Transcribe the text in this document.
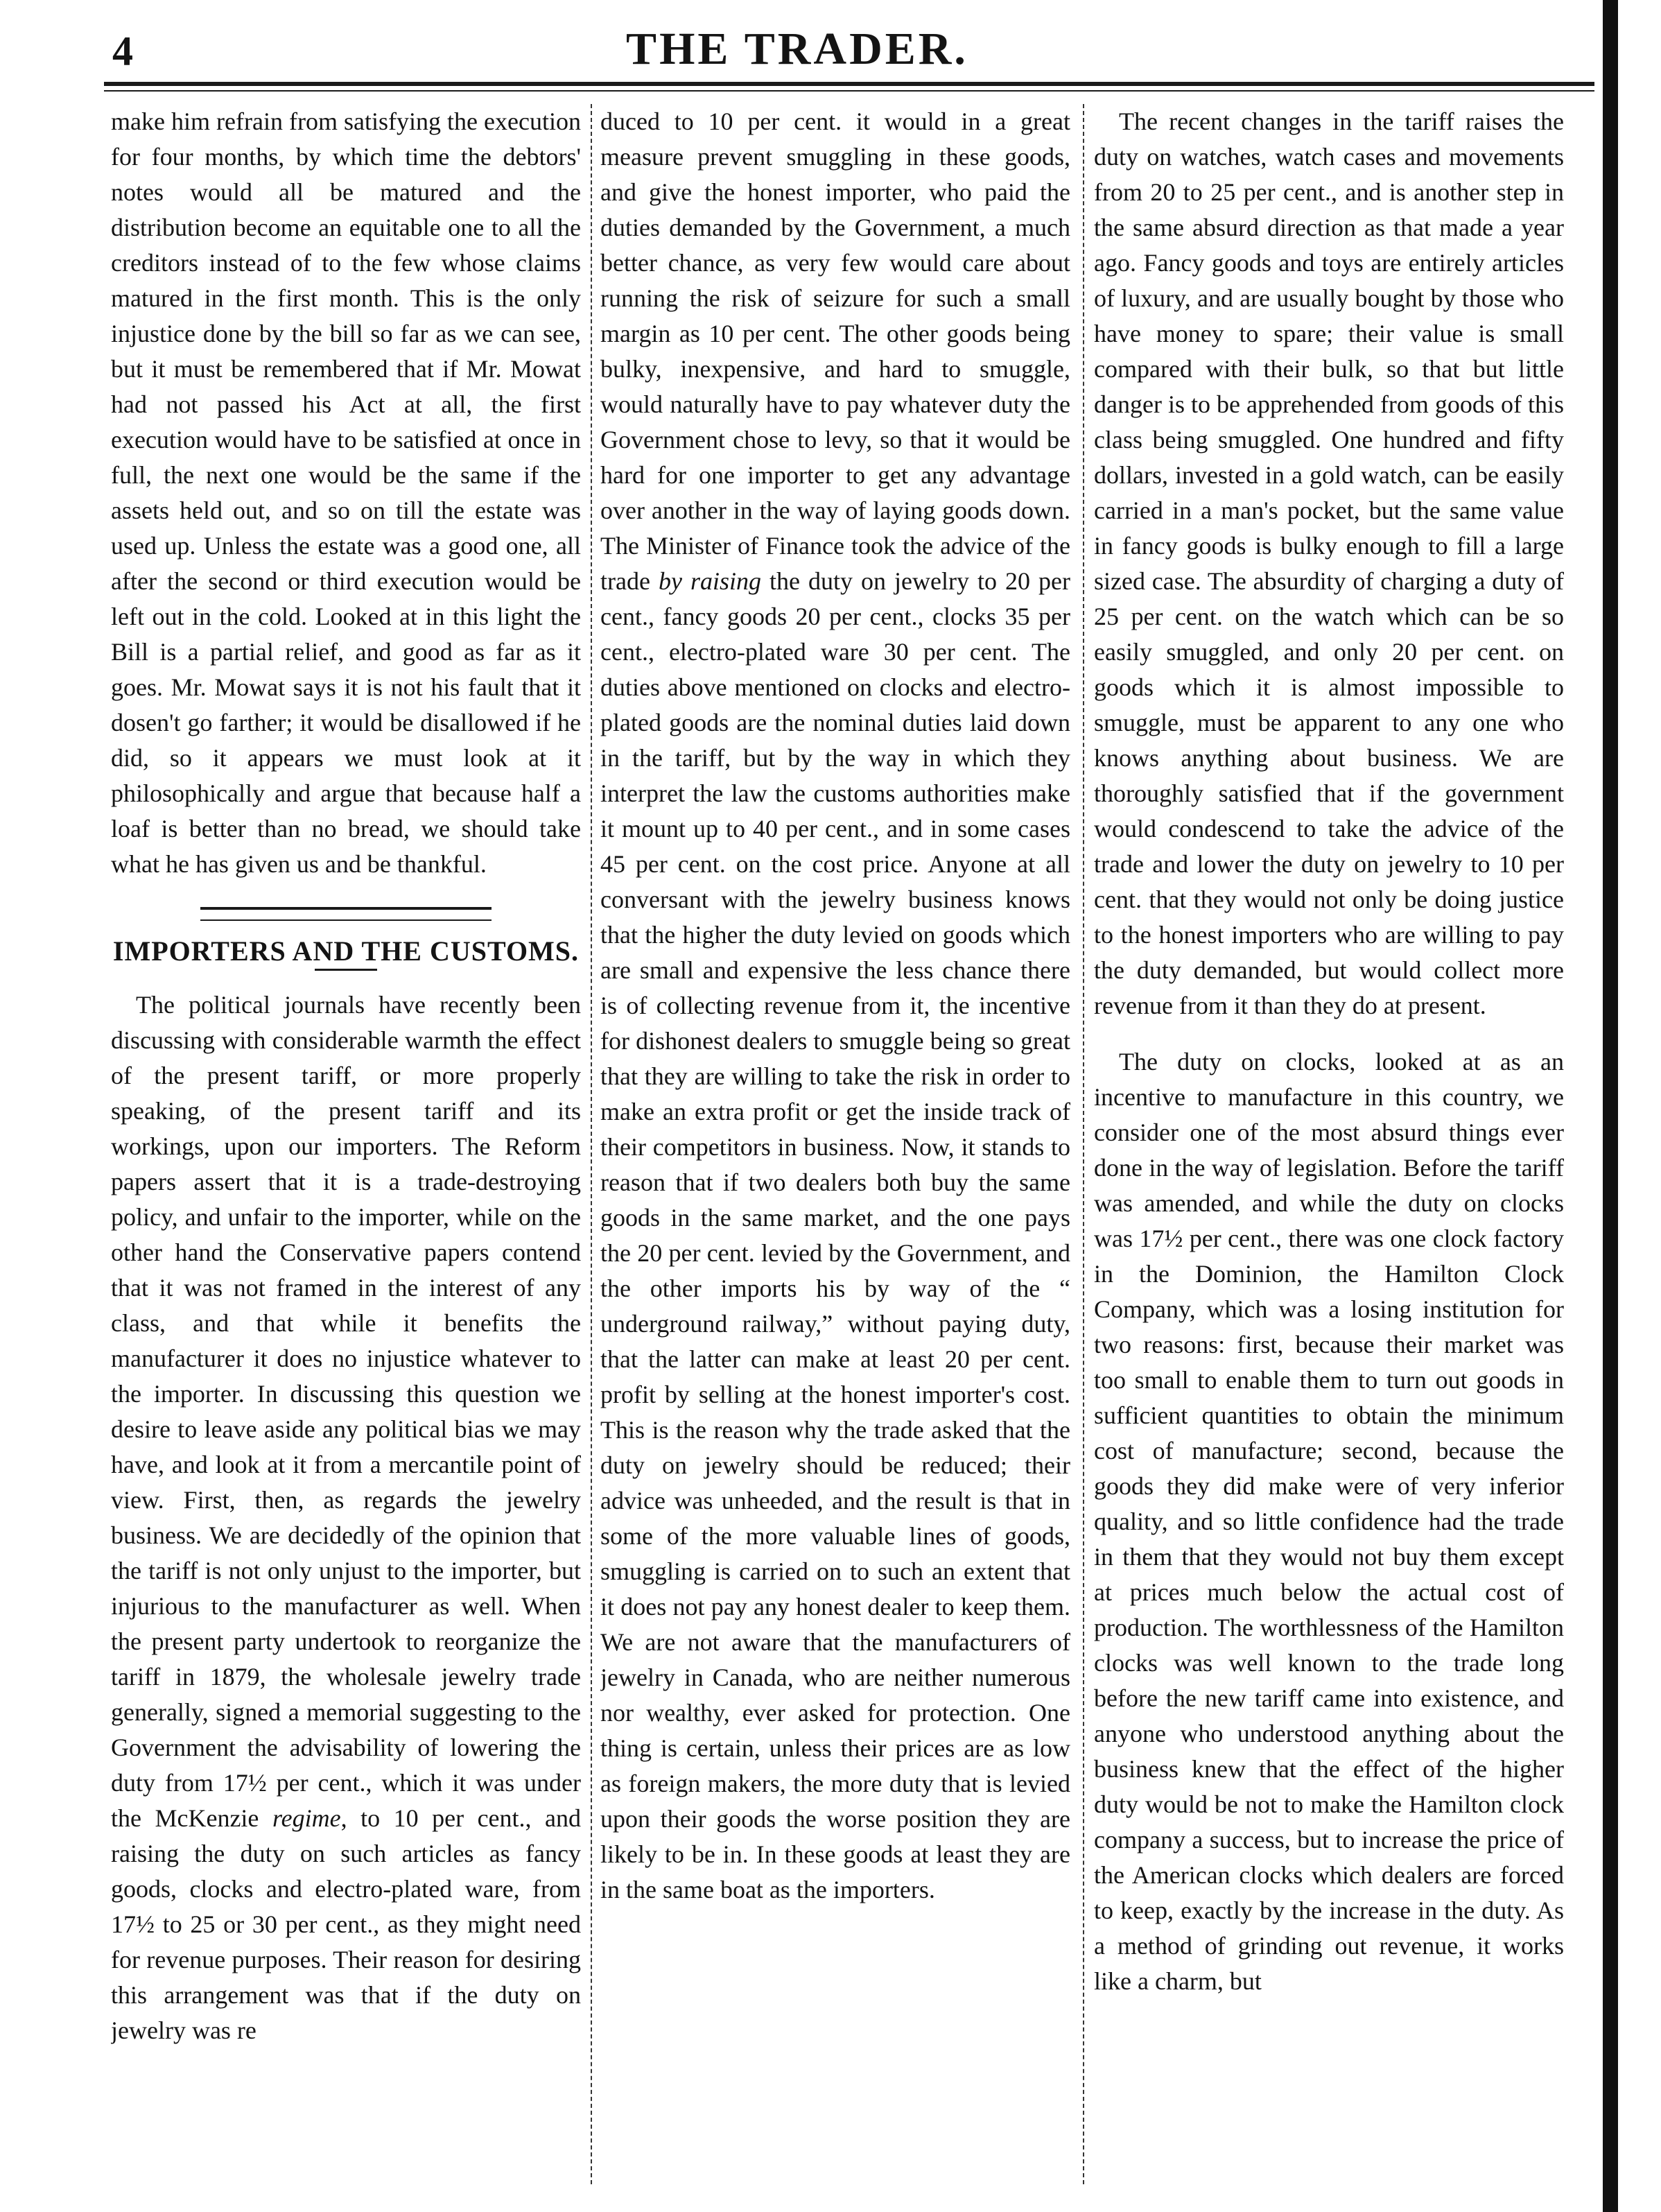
4	THE TRADER.

make him refrain from satisfying the execution for four months, by which time the debtors' notes would all be matured and the distribution become an equitable one to all the creditors instead of to the few whose claims matured in the first month. This is the only injustice done by the bill so far as we can see, but it must be remembered that if Mr. Mowat had not passed his Act at all, the first execution would have to be satisfied at once in full, the next one would be the same if the assets held out, and so on till the estate was used up. Unless the estate was a good one, all after the second or third execution would be left out in the cold. Looked at in this light the Bill is a partial relief, and good as far as it goes. Mr. Mowat says it is not his fault that it dosen't go farther; it would be disallowed if he did, so it appears we must look at it philosophically and argue that because half a loaf is better than no bread, we should take what he has given us and be thankful.

IMPORTERS AND THE CUSTOMS.

The political journals have recently been discussing with considerable warmth the effect of the present tariff, or more properly speaking, of the present tariff and its workings, upon our importers. The Reform papers assert that it is a trade-destroying policy, and unfair to the importer, while on the other hand the Conservative papers contend that it was not framed in the interest of any class, and that while it benefits the manufacturer it does no injustice whatever to the importer. In discussing this question we desire to leave aside any political bias we may have, and look at it from a mercantile point of view. First, then, as regards the jewelry business. We are decidedly of the opinion that the tariff is not only unjust to the importer, but injurious to the manufacturer as well. When the present party undertook to reorganize the tariff in 1879, the wholesale jewelry trade generally, signed a memorial suggesting to the Government the advisability of lowering the duty from 17½ per cent., which it was under the McKenzie regime, to 10 per cent., and raising the duty on such articles as fancy goods, clocks and electro-plated ware, from 17½ to 25 or 30 per cent., as they might need for revenue purposes. Their reason for desiring this arrangement was that if the duty on jewelry was re

duced to 10 per cent. it would in a great measure prevent smuggling in these goods, and give the honest importer, who paid the duties demanded by the Government, a much better chance, as very few would care about running the risk of seizure for such a small margin as 10 per cent. The other goods being bulky, inexpensive, and hard to smuggle, would naturally have to pay whatever duty the Government chose to levy, so that it would be hard for one importer to get any advantage over another in the way of laying goods down. The Minister of Finance took the advice of the trade by raising the duty on jewelry to 20 per cent., fancy goods 20 per cent., clocks 35 per cent., electro-plated ware 30 per cent. The duties above mentioned on clocks and electro-plated goods are the nominal duties laid down in the tariff, but by the way in which they interpret the law the customs authorities make it mount up to 40 per cent., and in some cases 45 per cent. on the cost price. Anyone at all conversant with the jewelry business knows that the higher the duty levied on goods which are small and expensive the less chance there is of collecting revenue from it, the incentive for dishonest dealers to smuggle being so great that they are willing to take the risk in order to make an extra profit or get the inside track of their competitors in business. Now, it stands to reason that if two dealers both buy the same goods in the same market, and the one pays the 20 per cent. levied by the Government, and the other imports his by way of the “ underground railway,” without paying duty, that the latter can make at least 20 per cent. profit by selling at the honest importer's cost. This is the reason why the trade asked that the duty on jewelry should be reduced; their advice was unheeded, and the result is that in some of the more valuable lines of goods, smuggling is carried on to such an extent that it does not pay any honest dealer to keep them. We are not aware that the manufacturers of jewelry in Canada, who are neither numerous nor wealthy, ever asked for protection. One thing is certain, unless their prices are as low as foreign makers, the more duty that is levied upon their goods the worse position they are likely to be in. In these goods at least they are in the same boat as the importers.

The recent changes in the tariff raises the duty on watches, watch cases and movements from 20 to 25 per cent., and is another step in the same absurd direction as that made a year ago. Fancy goods and toys are entirely articles of luxury, and are usually bought by those who have money to spare; their value is small compared with their bulk, so that but little danger is to be apprehended from goods of this class being smuggled. One hundred and fifty dollars, invested in a gold watch, can be easily carried in a man's pocket, but the same value in fancy goods is bulky enough to fill a large sized case. The absurdity of charging a duty of 25 per cent. on the watch which can be so easily smuggled, and only 20 per cent. on goods which it is almost impossible to smuggle, must be apparent to any one who knows anything about business. We are thoroughly satisfied that if the government would condescend to take the advice of the trade and lower the duty on jewelry to 10 per cent. that they would not only be doing justice to the honest importers who are willing to pay the duty demanded, but would collect more revenue from it than they do at present.

The duty on clocks, looked at as an incentive to manufacture in this country, we consider one of the most absurd things ever done in the way of legislation. Before the tariff was amended, and while the duty on clocks was 17½ per cent., there was one clock factory in the Dominion, the Hamilton Clock Company, which was a losing institution for two reasons: first, because their market was too small to enable them to turn out goods in sufficient quantities to obtain the minimum cost of manufacture; second, because the goods they did make were of very inferior quality, and so little confidence had the trade in them that they would not buy them except at prices much below the actual cost of production. The worthlessness of the Hamilton clocks was well known to the trade long before the new tariff came into existence, and anyone who understood anything about the business knew that the effect of the higher duty would be not to make the Hamilton clock company a success, but to increase the price of the American clocks which dealers are forced to keep, exactly by the increase in the duty. As a method of grinding out revenue, it works like a charm, but
